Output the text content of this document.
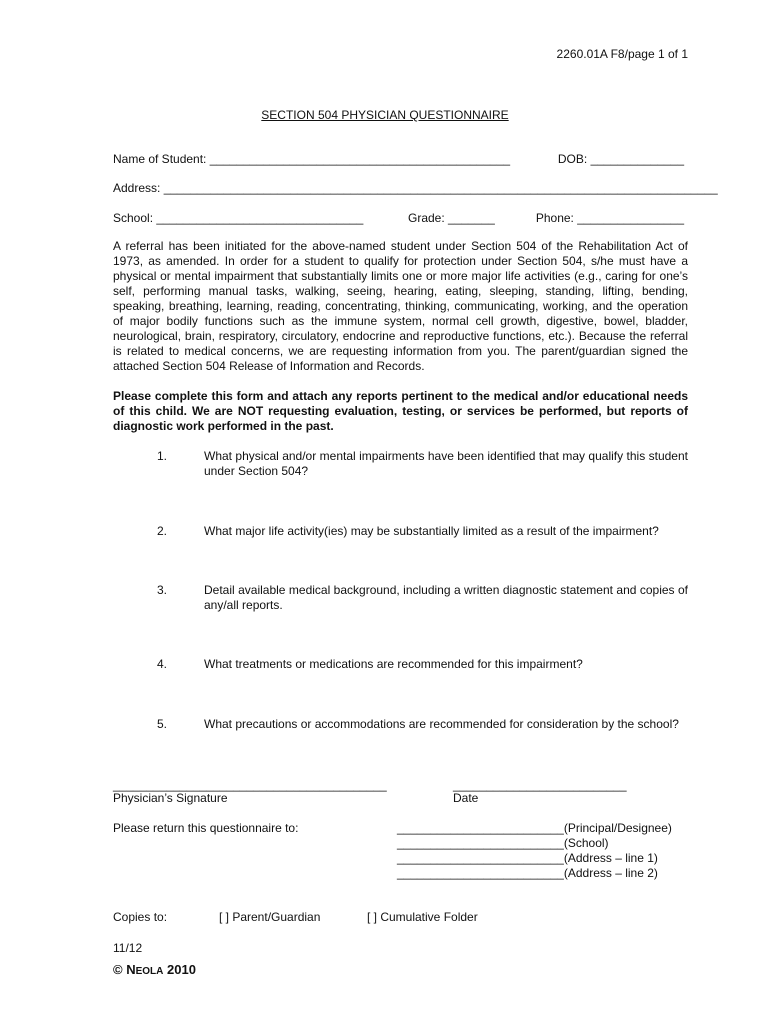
2260.01A F8/page 1 of 1
SECTION 504 PHYSICIAN QUESTIONNAIRE
Name of Student: _____________________________________________	DOB: ______________
Address: ___________________________________________________________________________________
School: _______________________________	Grade: _______	Phone: ________________
A referral has been initiated for the above-named student under Section 504 of the Rehabilitation Act of 1973, as amended. In order for a student to qualify for protection under Section 504, s/he must have a physical or mental impairment that substantially limits one or more major life activities (e.g., caring for one’s self, performing manual tasks, walking, seeing, hearing, eating, sleeping, standing, lifting, bending, speaking, breathing, learning, reading, concentrating, thinking, communicating, working, and the operation of major bodily functions such as the immune system, normal cell growth, digestive, bowel, bladder, neurological, brain, respiratory, circulatory, endocrine and reproductive functions, etc.). Because the referral is related to medical concerns, we are requesting information from you. The parent/guardian signed the attached Section 504 Release of Information and Records.
Please complete this form and attach any reports pertinent to the medical and/or educational needs of this child. We are NOT requesting evaluation, testing, or services be performed, but reports of diagnostic work performed in the past.
1.	What physical and/or mental impairments have been identified that may qualify this student under Section 504?
2.	What major life activity(ies) may be substantially limited as a result of the impairment?
3.	Detail available medical background, including a written diagnostic statement and copies of any/all reports.
4.	What treatments or medications are recommended for this impairment?
5.	What precautions or accommodations are recommended for consideration by the school?
_________________________________________
Physician’s Signature
__________________________
Date
Please return this questionnaire to:	_________________________(Principal/Designee)
_________________________(School)
_________________________(Address – line 1)
_________________________(Address – line 2)
Copies to:	[ ] Parent/Guardian	[ ] Cumulative Folder
11/12
© NEOLA 2010
